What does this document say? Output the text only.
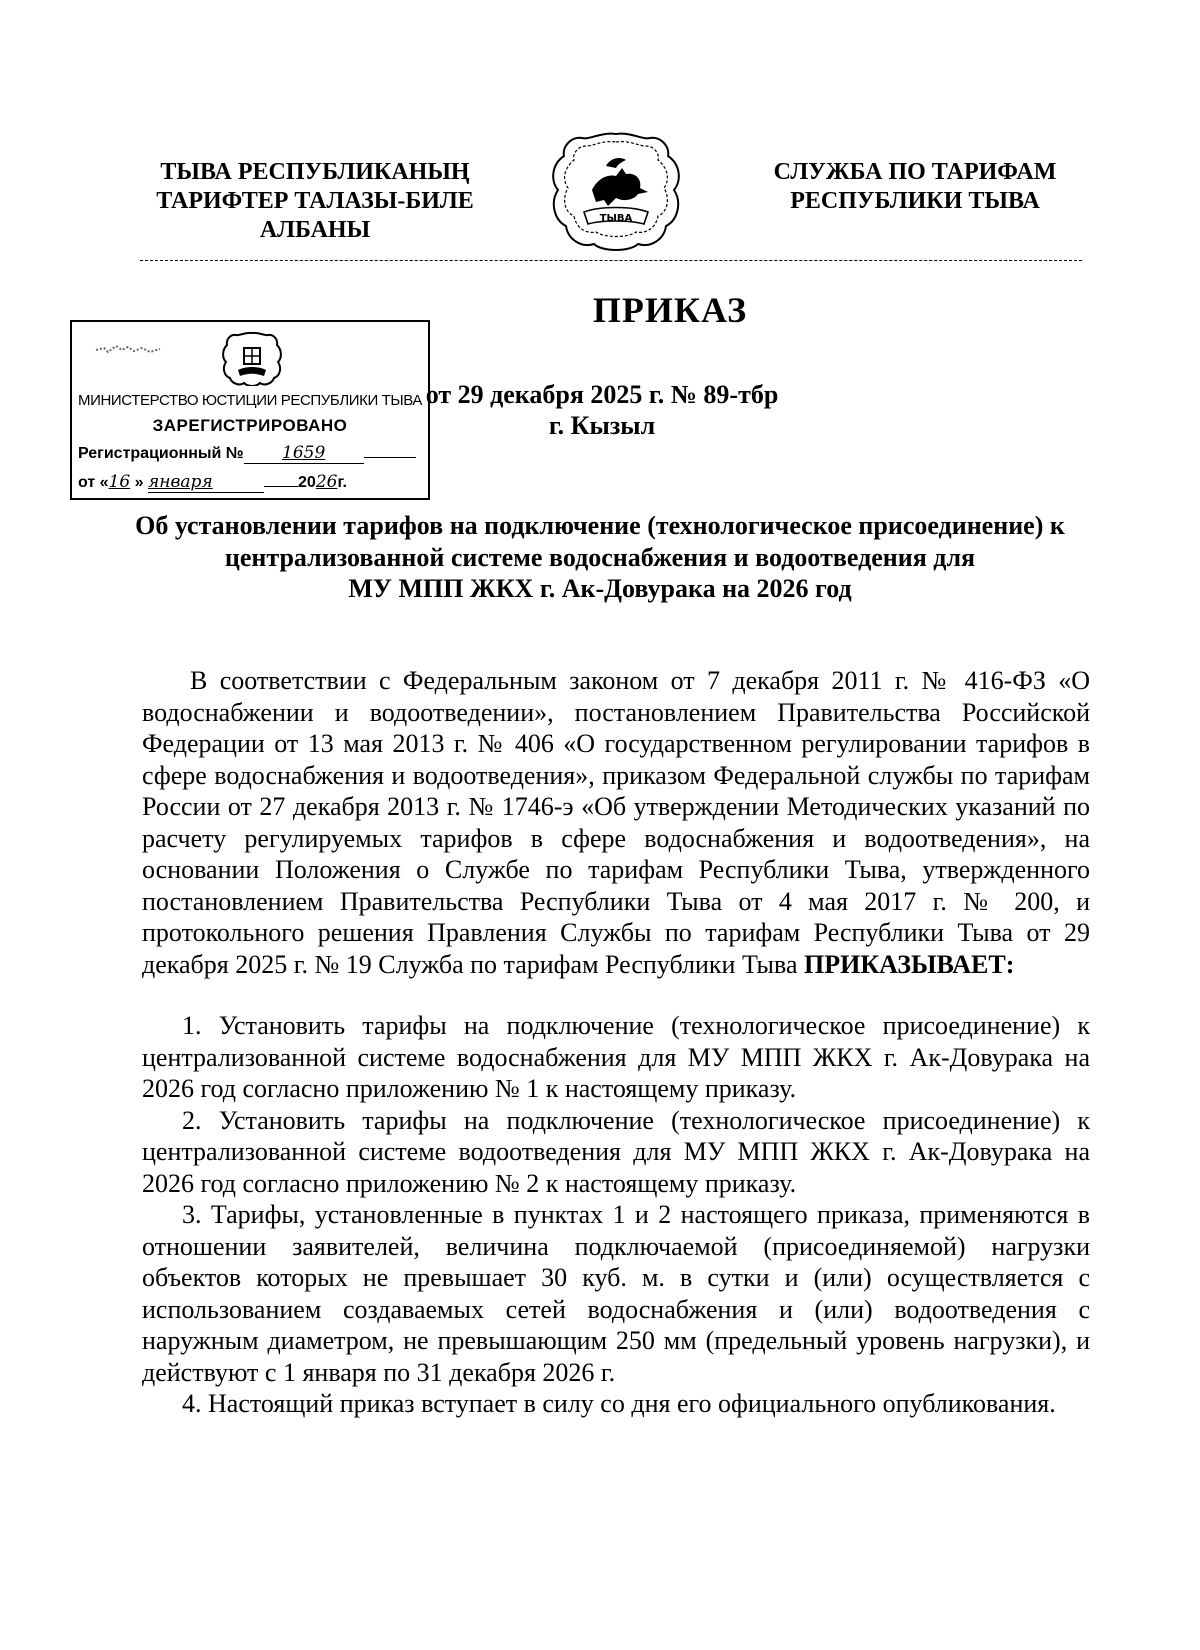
ТЫВА РЕСПУБЛИКАНЫҢ
ТАРИФТЕР ТАЛАЗЫ-БИЛЕ
АЛБАНЫ	ТЫВА
СЛУЖБА ПО ТАРИФАМ
РЕСПУБЛИКИ ТЫВА
ПРИКАЗ
МИНИСТЕРСТВО ЮСТИЦИИ РЕСПУБЛИКИ ТЫВА
ЗАРЕГИСТРИРОВАНО
Регистрационный № 1659
от «16 » января	2026г.
от 29 декабря 2025 г. № 89-тбр
г. Кызыл
Об установлении тарифов на подключение (технологическое присоединение) к
централизованной системе водоснабжения и водоотведения для
МУ МПП ЖКХ г. Ак-Довурака на 2026 год

В соответствии с Федеральным законом от 7 декабря 2011 г. № 416-ФЗ «О водоснабжении и водоотведении», постановлением Правительства Российской Федерации от 13 мая 2013 г. № 406 «О государственном регулировании тарифов в сфере водоснабжения и водоотведения», приказом Федеральной службы по тарифам России от 27 декабря 2013 г. № 1746-э «Об утверждении Методических указаний по расчету регулируемых тарифов в сфере водоснабжения и водоотведения», на основании Положения о Службе по тарифам Республики Тыва, утвержденного постановлением Правительства Республики Тыва от 4 мая 2017 г. № 200, и протокольного решения Правления Службы по тарифам Республики Тыва от 29 декабря 2025 г. № 19 Служба по тарифам Республики Тыва ПРИКАЗЫВАЕТ:

1. Установить тарифы на подключение (технологическое присоединение) к централизованной системе водоснабжения для МУ МПП ЖКХ г. Ак-Довурака на 2026 год согласно приложению № 1 к настоящему приказу.

2. Установить тарифы на подключение (технологическое присоединение) к централизованной системе водоотведения для МУ МПП ЖКХ г. Ак-Довурака на 2026 год согласно приложению № 2 к настоящему приказу.

3. Тарифы, установленные в пунктах 1 и 2 настоящего приказа, применяются в отношении заявителей, величина подключаемой (присоединяемой) нагрузки объектов которых не превышает 30 куб. м. в сутки и (или) осуществляется с использованием создаваемых сетей водоснабжения и (или) водоотведения с наружным диаметром, не превышающим 250 мм (предельный уровень нагрузки), и действуют с 1 января по 31 декабря 2026 г.

4. Настоящий приказ вступает в силу со дня его официального опубликования.
